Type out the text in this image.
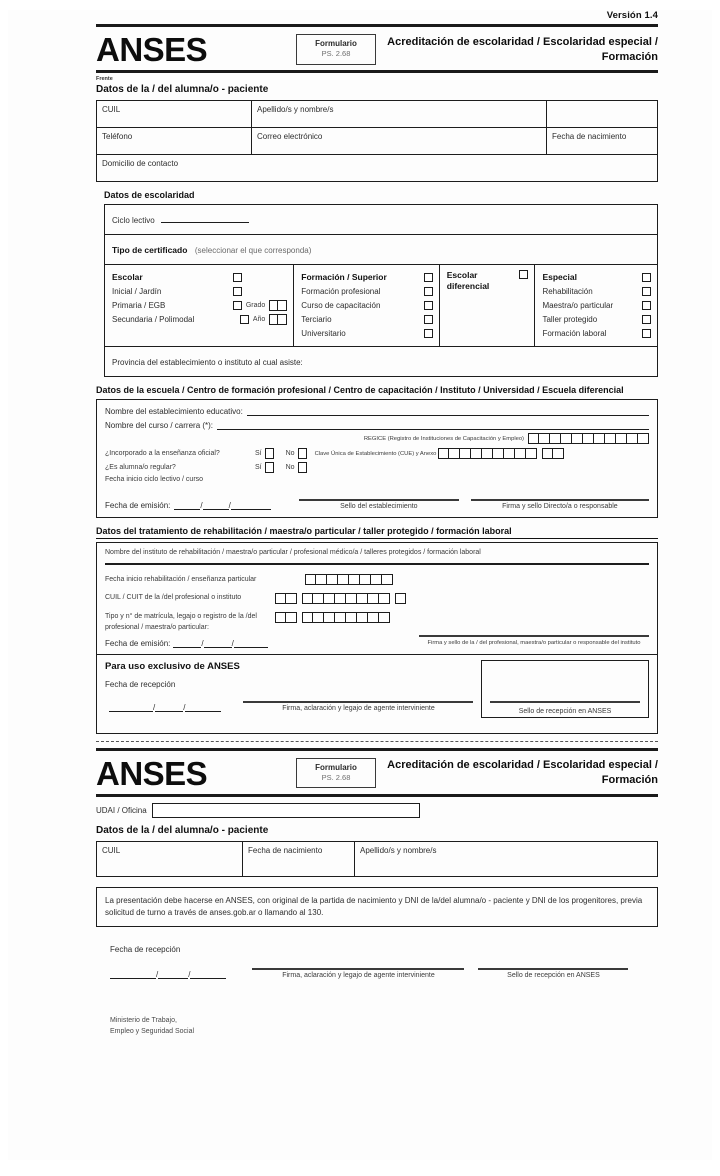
Versión 1.4
ANSES	Formulario
PS. 2.68
Acreditación de escolaridad / Escolaridad especial / Formación
Frente
Datos de la / del alumna/o - paciente
CUIL	Apellido/s y nombre/s
Teléfono	Correo electrónico	Fecha de nacimiento
Domicilio de contacto
Datos de escolaridad
Ciclo lectivo
Tipo de certificado (seleccionar el que corresponda)
Escolar
Inicial / Jardín
Primaria / EGB	Grado
Secundaria / Polimodal	Año
Formación / Superior
Formación profesional
Curso de capacitación
Terciario
Universitario
Escolar diferencial
Especial
Rehabilitación
Maestra/o particular
Taller protegido
Formación laboral
Provincia del establecimiento o instituto al cual asiste:
Datos de la escuela / Centro de formación profesional / Centro de capacitación / Instituto / Universidad / Escuela diferencial
Nombre del establecimiento educativo:
Nombre del curso / carrera (*):
REGICE (Registro de Instituciones de Capacitación y Empleo)
¿Incorporado a la enseñanza oficial?	Sí	No	Clave Única de Establecimiento (CUE) y Anexo
¿Es alumna/o regular?	Sí	No
Fecha inicio ciclo lectivo / curso
Fecha de emisión:	/	/	Sello del establecimiento	Firma y sello Directo/a o responsable
Datos del tratamiento de rehabilitación / maestra/o particular / taller protegido / formación laboral
Nombre del instituto de rehabilitación / maestra/o particular / profesional médico/a / talleres protegidos / formación laboral
Fecha inicio rehabilitación / enseñanza particular
CUIL / CUIT de la /del profesional o instituto
Tipo y n° de matrícula, legajo o registro de la /del profesional / maestra/o particular:
Fecha de emisión:	/	/	Firma y sello de la / del profesional, maestra/o particular o responsable del instituto
Para uso exclusivo de ANSES
Fecha de recepción
/	/	Firma, aclaración y legajo de agente interviniente	Sello de recepción en ANSES
ANSES	Formulario
PS. 2.68
Acreditación de escolaridad / Escolaridad especial / Formación
UDAI / Oficina
Datos de la / del alumna/o - paciente
CUIL	Fecha de nacimiento	Apellido/s y nombre/s
La presentación debe hacerse en ANSES, con original de la partida de nacimiento y DNI de la/del alumna/o - paciente y DNI de los progenitores, previa solicitud de turno a través de anses.gob.ar o llamando al 130.
Fecha de recepción
/	/	Firma, aclaración y legajo de agente interviniente	Sello de recepción en ANSES
Ministerio de Trabajo,
Empleo y Seguridad Social
